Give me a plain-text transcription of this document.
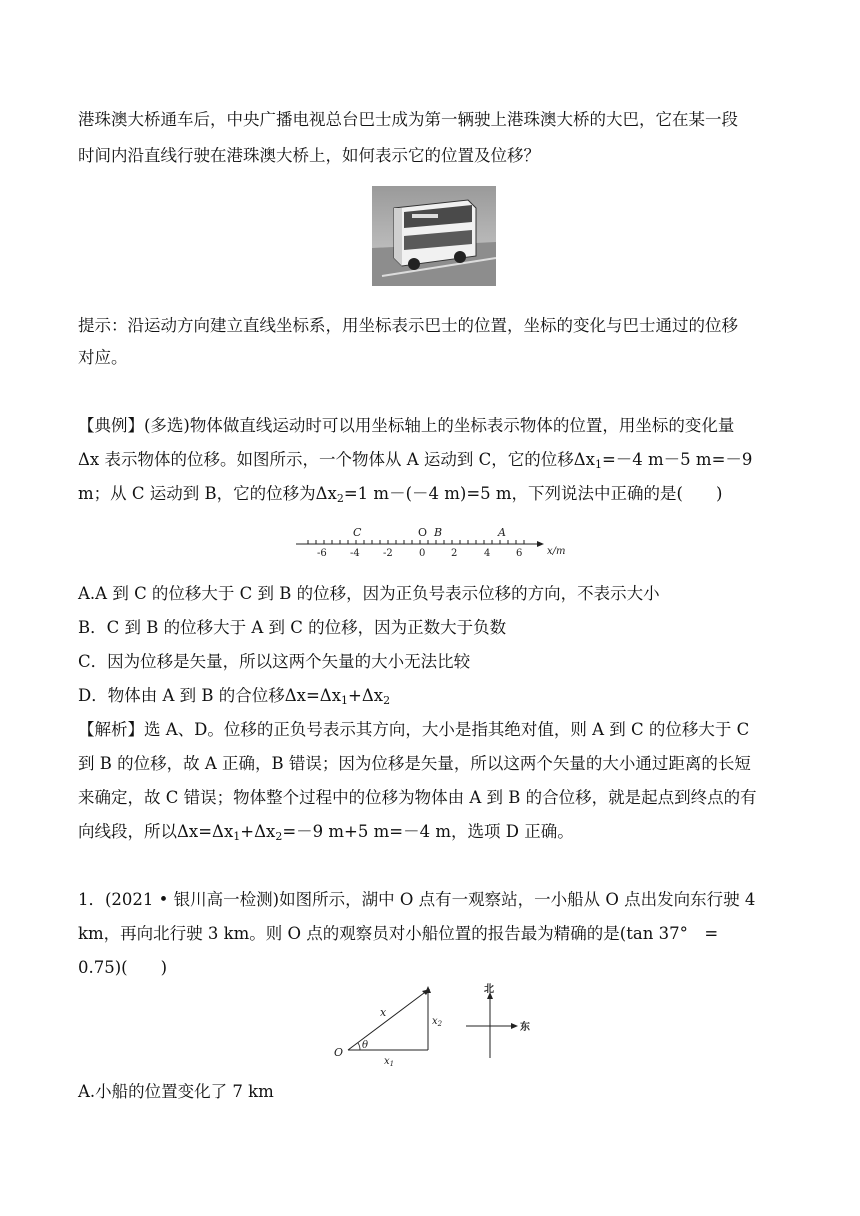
港珠澳大桥通车后，中央广播电视总台巴士成为第一辆驶上港珠澳大桥的大巴，它在某一段
时间内沿直线行驶在港珠澳大桥上，如何表示它的位置及位移？
提示：沿运动方向建立直线坐标系，用坐标表示巴士的位置，坐标的变化与巴士通过的位移
对应。
【典例】(多选)物体做直线运动时可以用坐标轴上的坐标表示物体的位置，用坐标的变化量
Δx 表示物体的位移。如图所示，一个物体从 A 运动到 C，它的位移$\Delta x_1=-4$ m－5 m=－9
m；从 C 运动到 B，它的位移为$\Delta x_2=1$ m－(－4 m)=5 m，下列说法中正确的是(　　)
C	O B	A
-6 -4 -2	0	2	4	6 x/m
A.A 到 C 的位移大于 C 到 B 的位移，因为正负号表示位移的方向，不表示大小
B．C 到 B 的位移大于 A 到 C 的位移，因为正数大于负数
C．因为位移是矢量，所以这两个矢量的大小无法比较
D．物体由 A 到 B 的合位移$\Delta x=\Delta x_1+\Delta x_2$
【解析】选 A、D。位移的正负号表示其方向，大小是指其绝对值，则 A 到 C 的位移大于 C
到 B 的位移，故 A 正确，B 错误；因为位移是矢量，所以这两个矢量的大小通过距离的长短
来确定，故 C 错误；物体整个过程中的位移为物体由 A 到 B 的合位移，就是起点到终点的有
向线段，所以$\Delta x=\Delta x_1+\Delta x_2=-9$ m+5 m=－4 m，选项 D 正确。
1．(2021 • 银川高一检测)如图所示，湖中 O 点有一观察站，一小船从 O 点出发向东行驶 4
km，再向北行驶 3 km。则 O 点的观察员对小船位置的报告最为精确的是(tan 37°　=
0.75)(　　)
O
θ
x
$x_1$
$x_2$
北
东
A.小船的位置变化了 7 km
